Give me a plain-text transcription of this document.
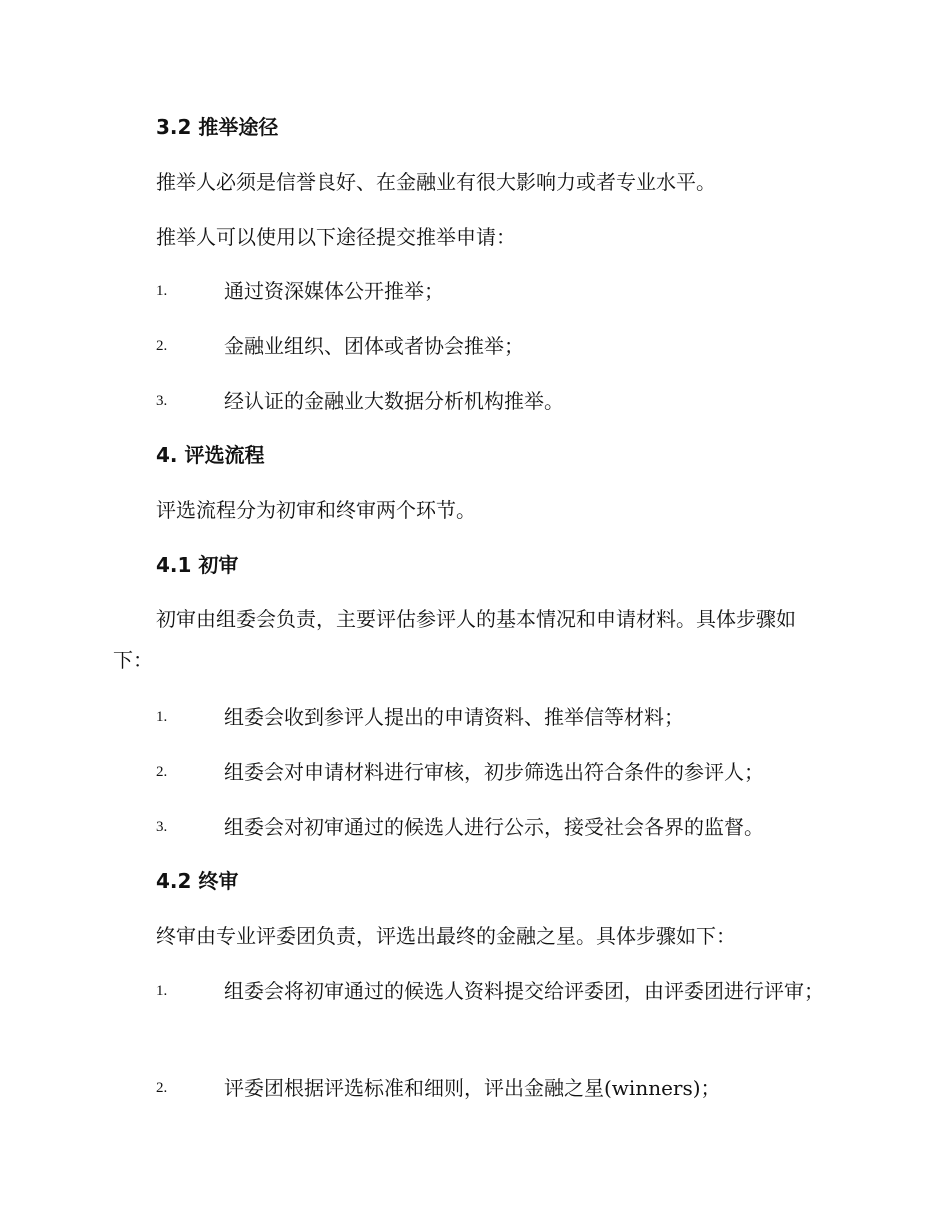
3.2 推举途径
推举人必须是信誉良好、在金融业有很大影响力或者专业水平。
推举人可以使用以下途径提交推举申请：
1.	通过资深媒体公开推举；
2.	金融业组织、团体或者协会推举；
3.	经认证的金融业大数据分析机构推举。
4. 评选流程
评选流程分为初审和终审两个环节。
4.1 初审
初审由组委会负责，主要评估参评人的基本情况和申请材料。具体步骤如下：
1.	组委会收到参评人提出的申请资料、推举信等材料；
2.	组委会对申请材料进行审核，初步筛选出符合条件的参评人；
3.	组委会对初审通过的候选人进行公示，接受社会各界的监督。
4.2 终审
终审由专业评委团负责，评选出最终的金融之星。具体步骤如下：
1.	组委会将初审通过的候选人资料提交给评委团，由评委团进行评审；
2.	评委团根据评选标准和细则，评出金融之星(winners)；
